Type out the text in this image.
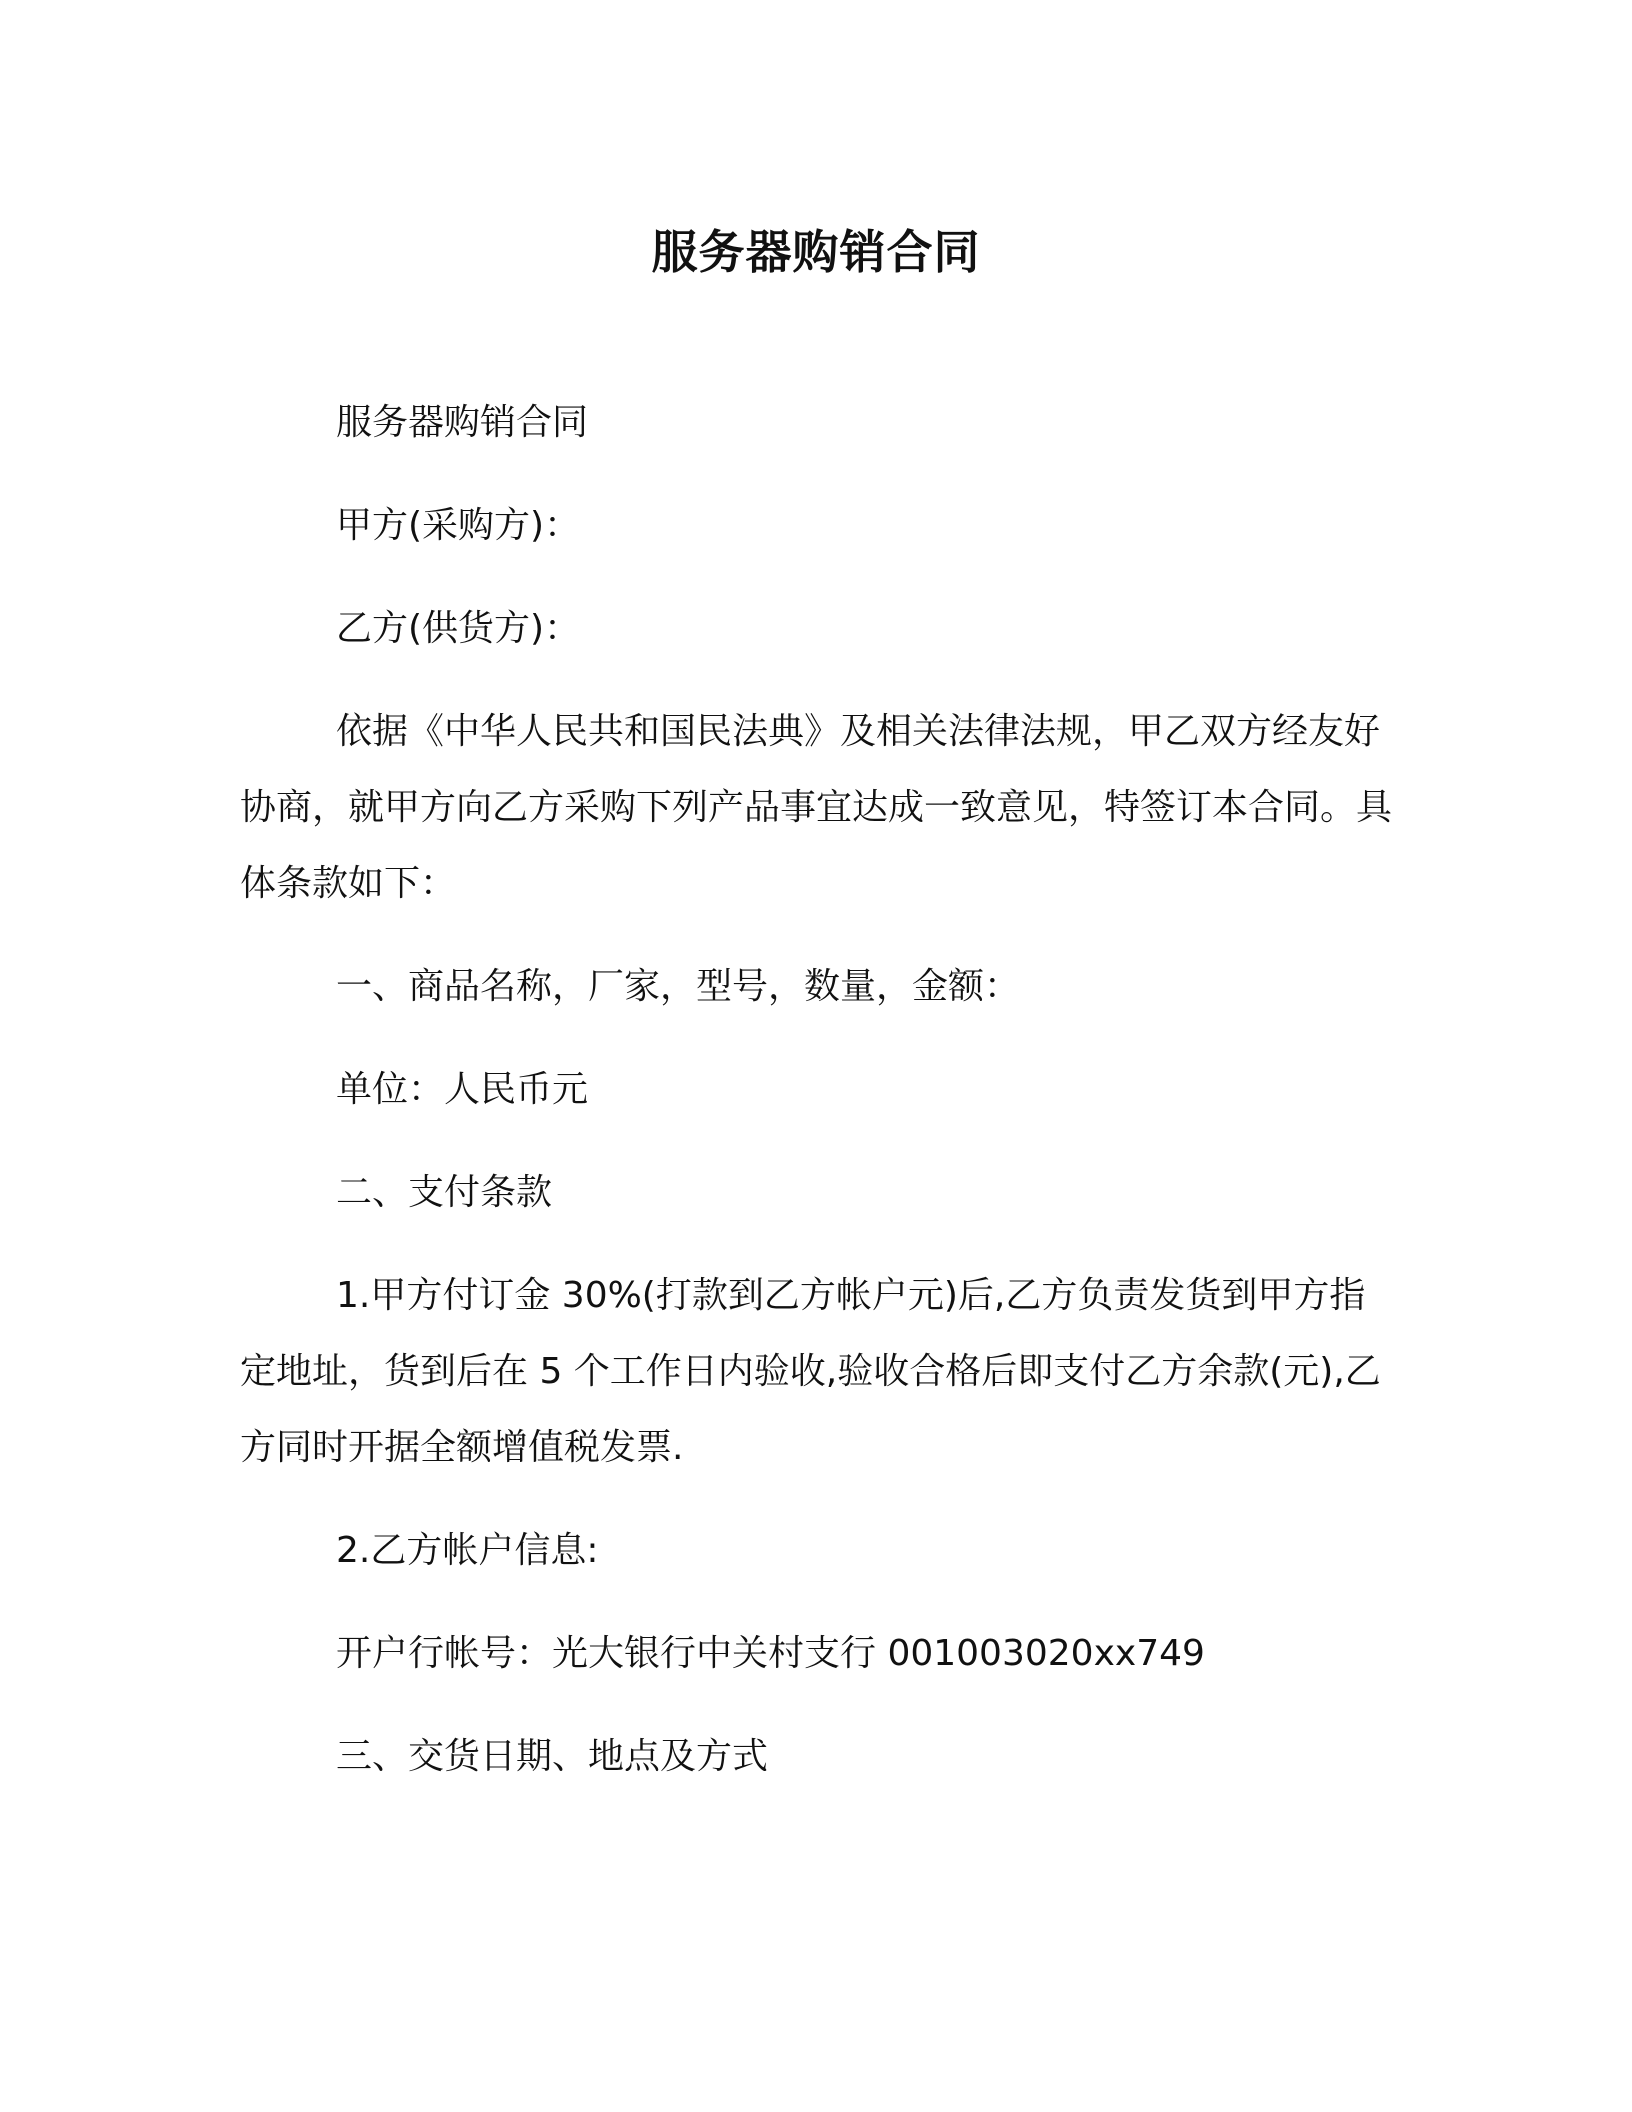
服务器购销合同

服务器购销合同

甲方(采购方)：

乙方(供货方)：

依据《中华人民共和国民法典》及相关法律法规，甲乙双方经友好协商，就甲方向乙方采购下列产品事宜达成一致意见，特签订本合同。具体条款如下：

一、商品名称，厂家，型号，数量，金额：

单位：人民币元

二、支付条款

1.甲方付订金 30%(打款到乙方帐户元)后,乙方负责发货到甲方指定地址，货到后在 5 个工作日内验收,验收合格后即支付乙方余款(元),乙方同时开据全额增值税发票.

2.乙方帐户信息:

开户行帐号：光大银行中关村支行 001003020xx749

三、交货日期、地点及方式
